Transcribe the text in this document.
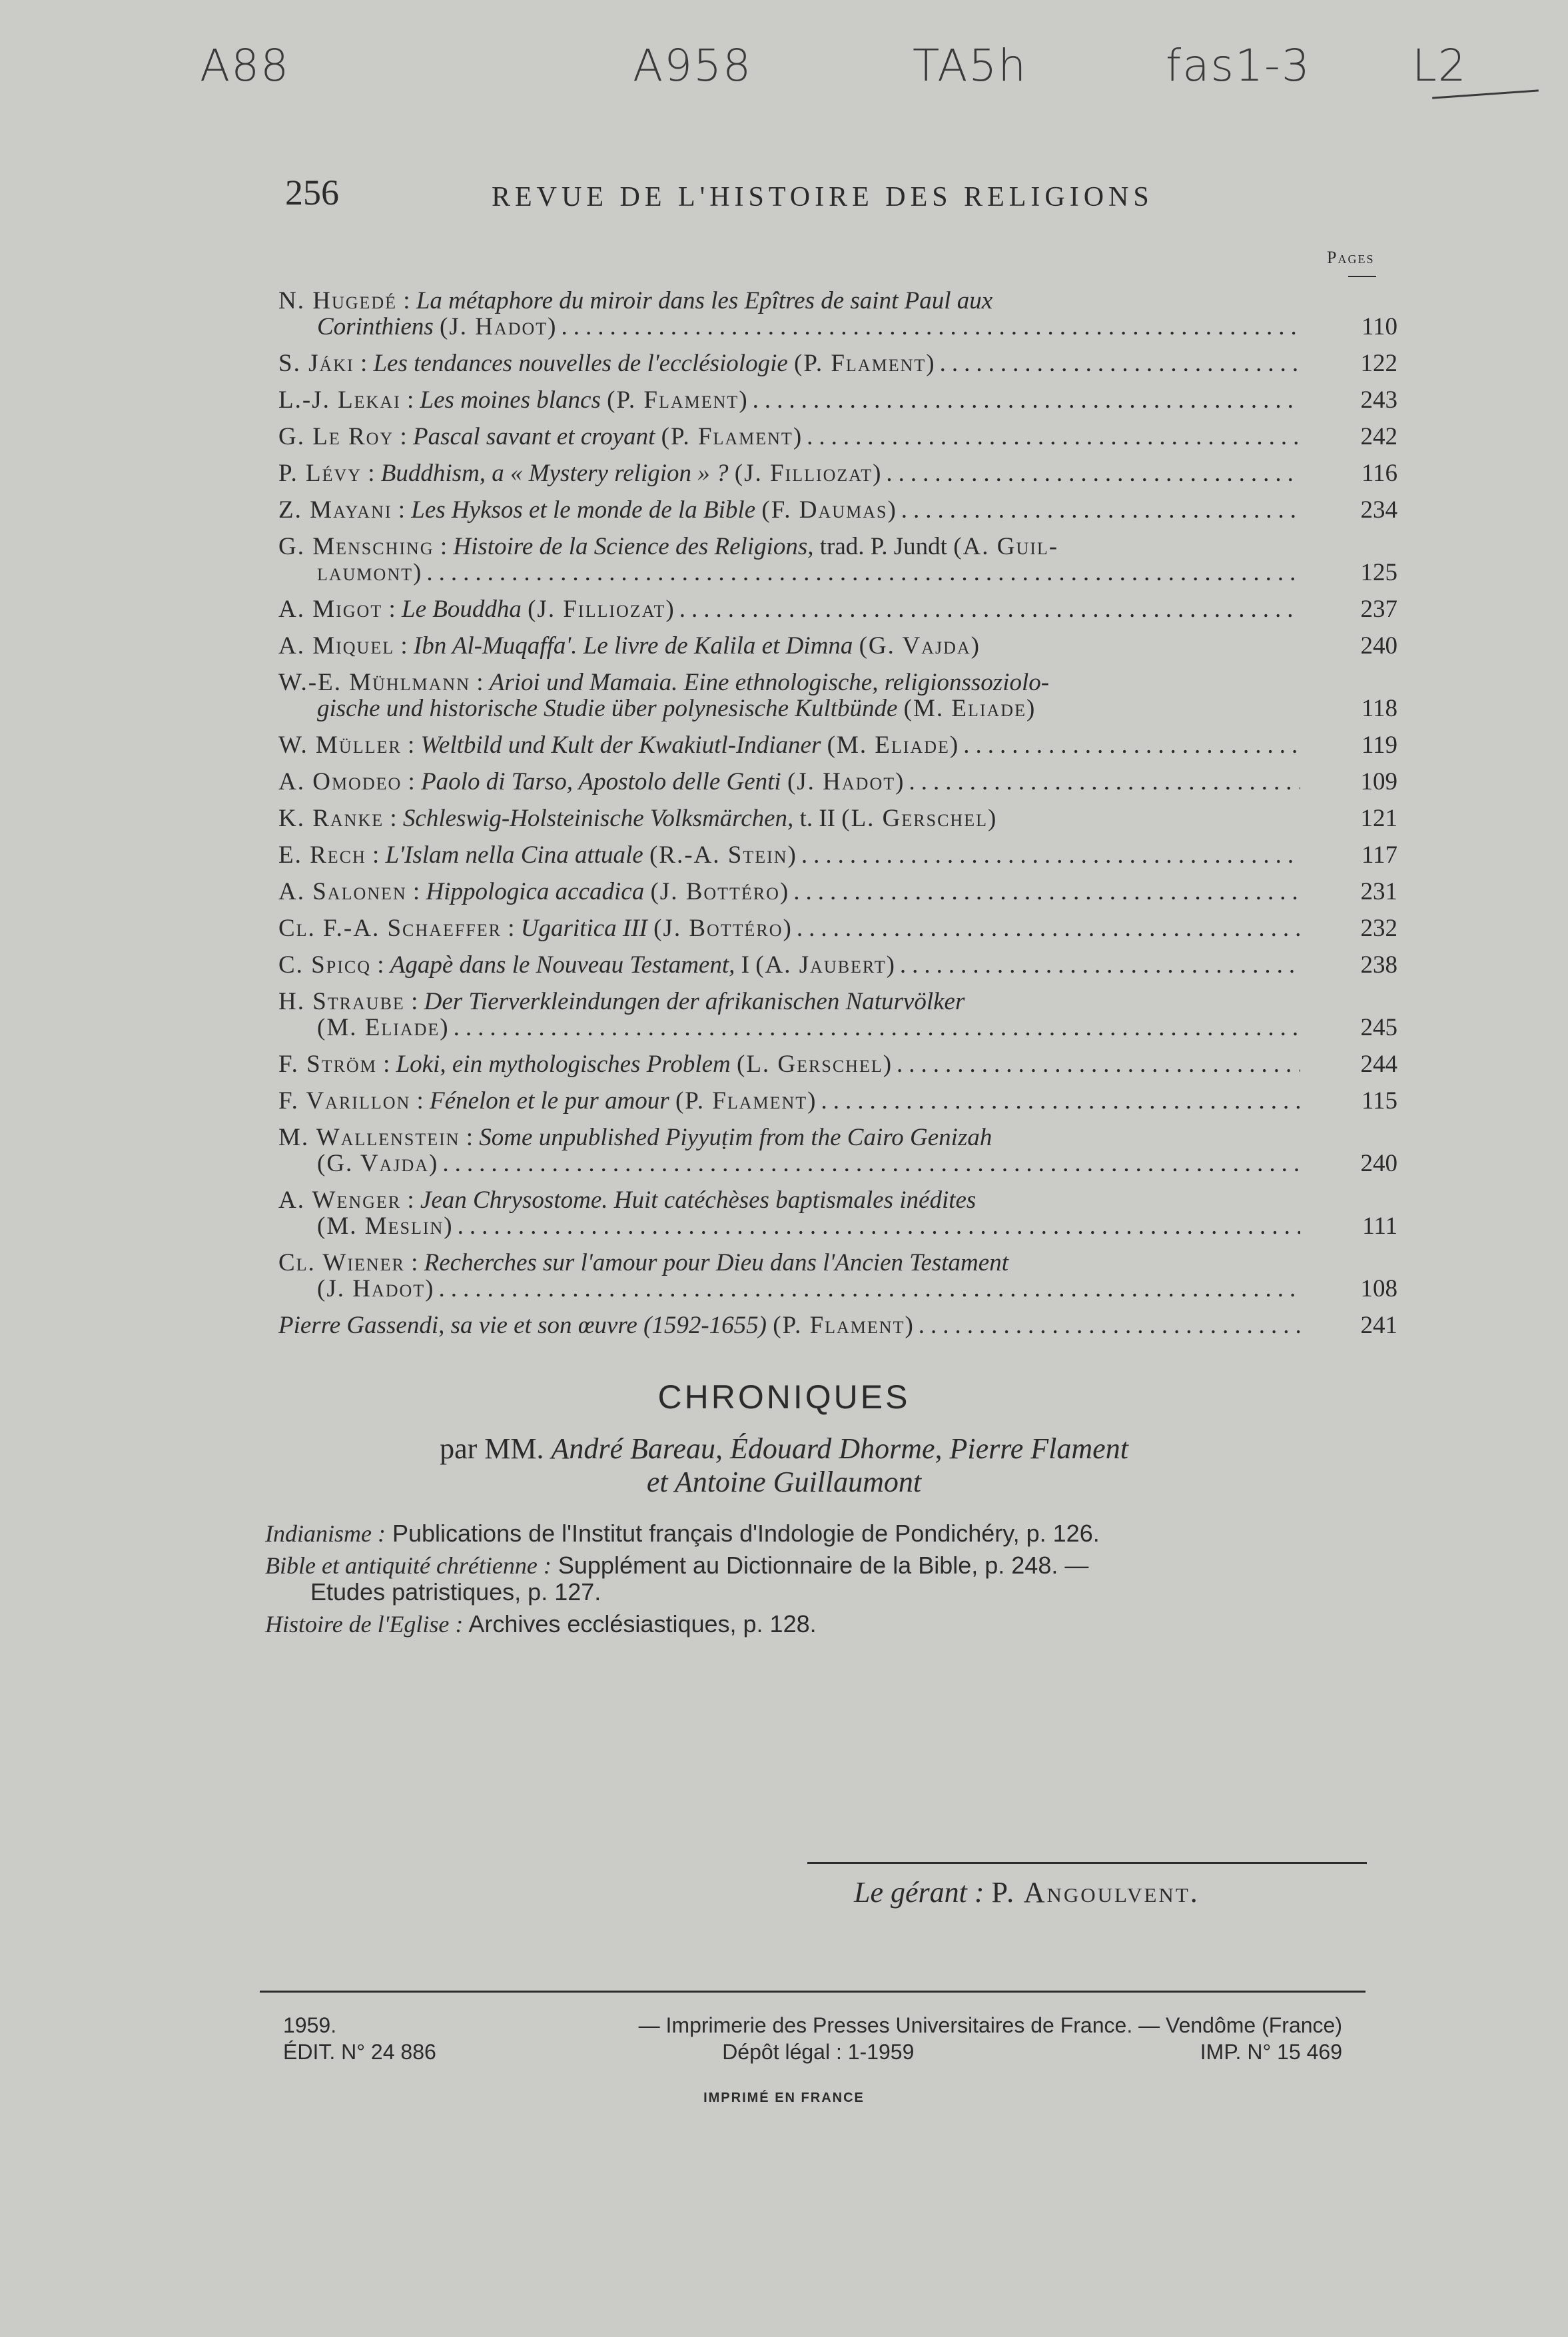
A88	A958	TA5h	fas1-3 L2
256	REVUE DE L'HISTOIRE DES RELIGIONS
Pages
N. Hugedé : La métaphore du miroir dans les Epîtres de saint Paul aux
Corinthiens
(J. Hadot) .....	110
S. Jáki : Les tendances nouvelles de l'ecclésiologie
(P. Flament) .....	122
L.-J. Lekai : Les moines blancs
(P. Flament) .....	243
G. Le Roy : Pascal savant et croyant
(P. Flament) .....	242
P. Lévy : Buddhism, a « Mystery religion » ?
(J. Filliozat) .....	116
Z. Mayani : Les Hyksos et le monde de la Bible
(F. Daumas) .....	234
G. Mensching : Histoire de la Science des Religions,
trad. P. Jundt
(A. Guil-
laumont) .....	125
A. Migot : Le Bouddha
(J. Filliozat) .....	237
A. Miquel : Ibn Al-Muqaffa'. Le livre de Kalila et Dimna
(G. Vajda)	240
W.-E. Mühlmann : Arioi und Mamaia. Eine ethnologische, religionssoziolo-
gische und historische Studie über polynesische Kultbünde
(M. Eliade)	118
W. Müller : Weltbild und Kult der Kwakiutl-Indianer
(M. Eliade) .....	119
A. Omodeo : Paolo di Tarso, Apostolo delle Genti
(J. Hadot) .....	109
K. Ranke : Schleswig-Holsteinische Volksmärchen,
t. II
(L. Gerschel)	121
E. Rech : L'Islam nella Cina attuale
(R.-A. Stein) .....	117
A. Salonen : Hippologica accadica
(J. Bottéro) .....	231
Cl. F.-A. Schaeffer : Ugaritica III
(J. Bottéro) .....	232
C. Spicq : Agapè dans le Nouveau Testament,
I
(A. Jaubert) .....	238
H. Straube : Der Tierverkleindungen der afrikanischen Naturvölker
(M. Eliade) .....	245
F. Ström : Loki, ein mythologisches Problem
(L. Gerschel) .....	244
F. Varillon : Fénelon et le pur amour
(P. Flament) .....	115
M. Wallenstein : Some unpublished Piyyuṭim from the Cairo Genizah
(G. Vajda) .....	240
A. Wenger : Jean Chrysostome. Huit catéchèses baptismales inédites
(M. Meslin) .....	111
Cl. Wiener : Recherches sur l'amour pour Dieu dans l'Ancien Testament
(J. Hadot) .....	108
Pierre Gassendi, sa vie et son œuvre (1592-1655)
(P. Flament) .....	241
CHRONIQUES
par MM. André Bareau, Édouard Dhorme, Pierre Flament
et Antoine Guillaumont
Indianisme : Publications de l'Institut français d'Indologie de Pondichéry, p. 126.
Bible et antiquité chrétienne : Supplément au Dictionnaire de la Bible, p. 248. —
Etudes patristiques, p. 127.
Histoire de l'Eglise : Archives ecclésiastiques, p. 128.
Le gérant : P. Angoulvent.
1959.	— Imprimerie des Presses Universitaires de France. — Vendôme (France)
ÉDIT. N° 24 886	Dépôt légal : 1-1959	IMP. N° 15 469
IMPRIMÉ EN FRANCE
